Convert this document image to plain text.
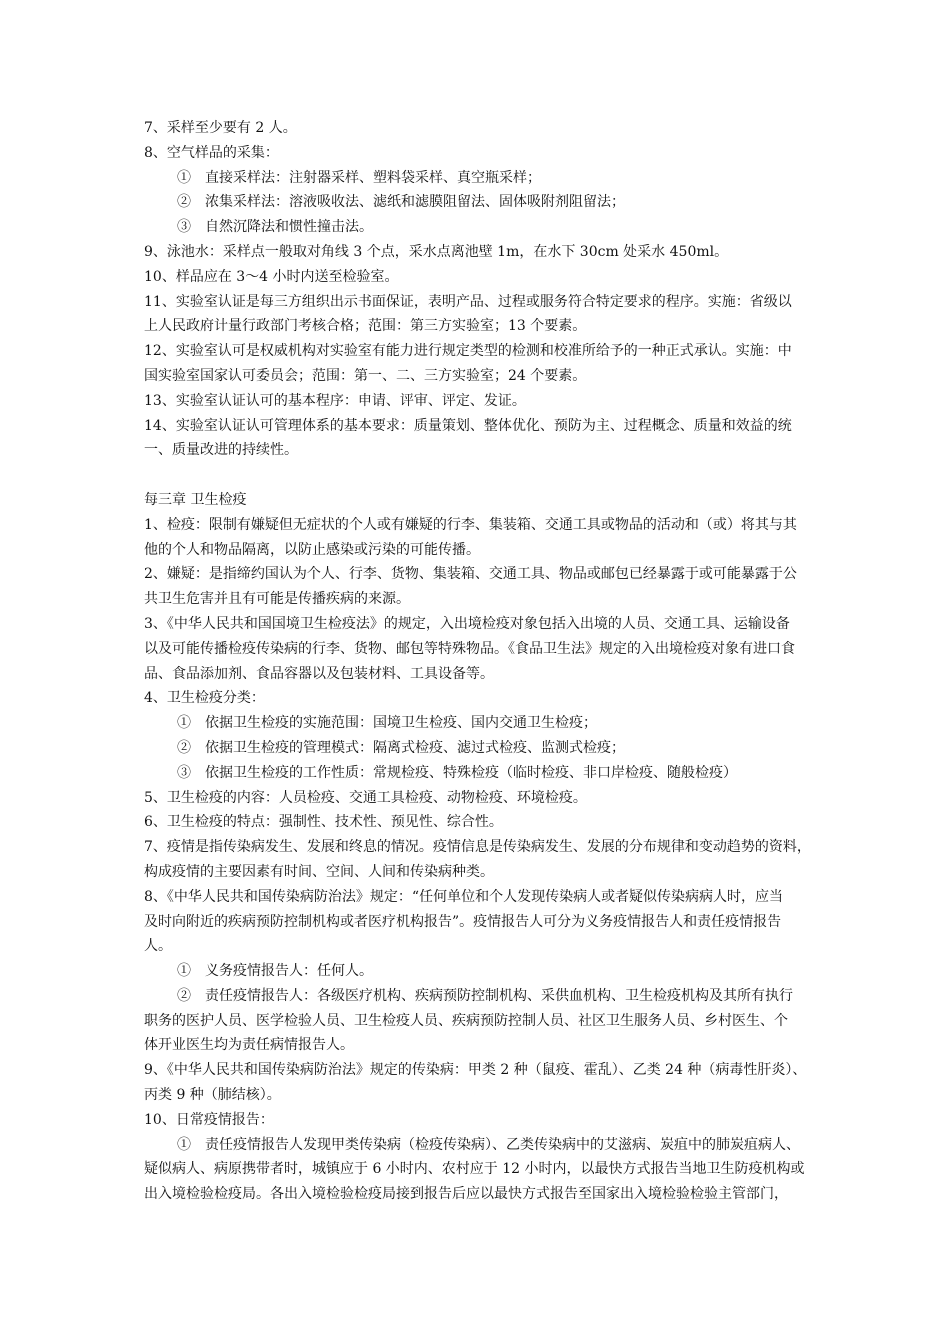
7、采样至少要有 2 人。
8、空气样品的采集：
①　直接采样法：注射器采样、塑料袋采样、真空瓶采样；
②　浓集采样法：溶液吸收法、滤纸和滤膜阻留法、固体吸附剂阻留法；
③　自然沉降法和惯性撞击法。
9、泳池水：采样点一般取对角线 3 个点，采水点离池壁 1m，在水下 30cm 处采水 450ml。
10、样品应在 3～4 小时内送至检验室。
11、实验室认证是每三方组织出示书面保证，表明产品、过程或服务符合特定要求的程序。实施：省级以
上人民政府计量行政部门考核合格；范围：第三方实验室；13 个要素。
12、实验室认可是权威机构对实验室有能力进行规定类型的检测和校准所给予的一种正式承认。实施：中
国实验室国家认可委员会；范围：第一、二、三方实验室；24 个要素。
13、实验室认证认可的基本程序：申请、评审、评定、发证。
14、实验室认证认可管理体系的基本要求：质量策划、整体优化、预防为主、过程概念、质量和效益的统
一、质量改进的持续性。
每三章 卫生检疫
1、检疫：限制有嫌疑但无症状的个人或有嫌疑的行李、集装箱、交通工具或物品的活动和（或）将其与其
他的个人和物品隔离，以防止感染或污染的可能传播。
2、嫌疑：是指缔约国认为个人、行李、货物、集装箱、交通工具、物品或邮包已经暴露于或可能暴露于公
共卫生危害并且有可能是传播疾病的来源。
3、《中华人民共和国国境卫生检疫法》的规定，入出境检疫对象包括入出境的人员、交通工具、运输设备
以及可能传播检疫传染病的行李、货物、邮包等特殊物品。《食品卫生法》规定的入出境检疫对象有进口食
品、食品添加剂、食品容器以及包装材料、工具设备等。
4、卫生检疫分类：
①　依据卫生检疫的实施范围：国境卫生检疫、国内交通卫生检疫；
②　依据卫生检疫的管理模式：隔离式检疫、滤过式检疫、监测式检疫；
③　依据卫生检疫的工作性质：常规检疫、特殊检疫（临时检疫、非口岸检疫、随般检疫）
5、卫生检疫的内容：人员检疫、交通工具检疫、动物检疫、环境检疫。
6、卫生检疫的特点：强制性、技术性、预见性、综合性。
7、疫情是指传染病发生、发展和终息的情况。疫情信息是传染病发生、发展的分布规律和变动趋势的资料，
构成疫情的主要因素有时间、空间、人间和传染病种类。
8、《中华人民共和国传染病防治法》规定：“任何单位和个人发现传染病人或者疑似传染病病人时，应当
及时向附近的疾病预防控制机构或者医疗机构报告”。疫情报告人可分为义务疫情报告人和责任疫情报告
人。
①　义务疫情报告人：任何人。
②　责任疫情报告人：各级医疗机构、疾病预防控制机构、采供血机构、卫生检疫机构及其所有执行
职务的医护人员、医学检验人员、卫生检疫人员、疾病预防控制人员、社区卫生服务人员、乡村医生、个
体开业医生均为责任病情报告人。
9、《中华人民共和国传染病防治法》规定的传染病：甲类 2 种（鼠疫、霍乱）、乙类 24 种（病毒性肝炎）、
丙类 9 种（肺结核）。
10、日常疫情报告：
①　责任疫情报告人发现甲类传染病（检疫传染病）、乙类传染病中的艾滋病、炭疽中的肺炭疽病人、
疑似病人、病原携带者时，城镇应于 6 小时内、农村应于 12 小时内，以最快方式报告当地卫生防疫机构或
出入境检验检疫局。各出入境检验检疫局接到报告后应以最快方式报告至国家出入境检验检验主管部门，
